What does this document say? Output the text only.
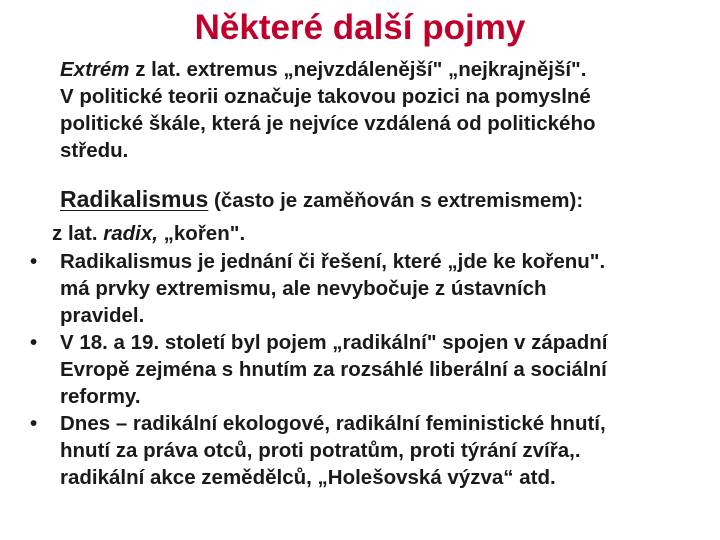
Některé další pojmy
Extrém z lat. extremus „nejvzdálenější" „nejkrajnější".
V politické teorii označuje takovou pozici na pomyslné
politické škále, která je nejvíce vzdálená od politického
středu.
Radikalismus (často je zaměňován s extremismem):
z lat. radix, „kořen".
• Radikalismus je jednání či řešení, které „jde ke kořenu".
má prvky extremismu, ale nevybočuje z ústavních
pravidel.
• V 18. a 19. století byl pojem „radikální" spojen v západní
Evropě zejména s hnutím za rozsáhlé liberální a sociální
reformy.
• Dnes – radikální ekologové, radikální feministické hnutí,
hnutí za práva otců, proti potratům, proti týrání zvířa,.
radikální akce zemědělců, „Holešovská výzva“ atd.
